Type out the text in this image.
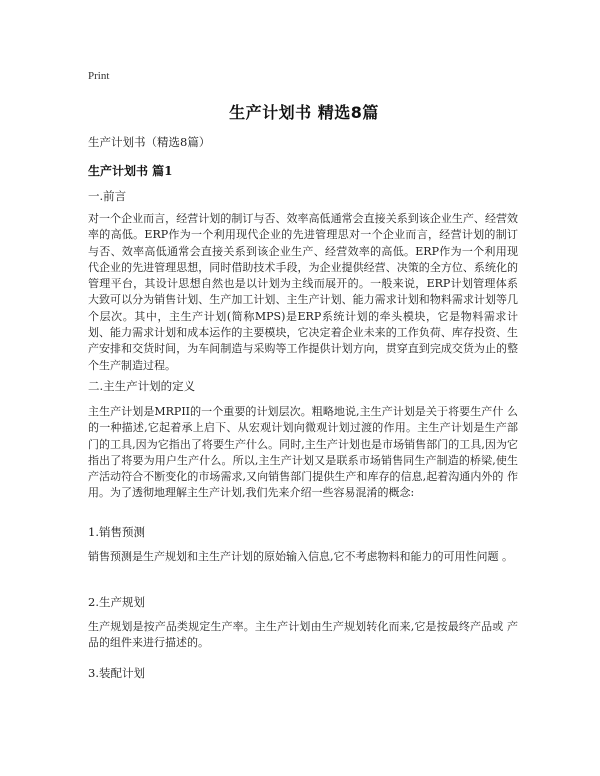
Print
生产计划书 精选8篇
生产计划书（精选8篇）
生产计划书 篇1
一.前言
对一个企业而言，经营计划的制订与否、效率高低通常会直接关系到该企业生产、经营效率的高低。ERP作为一个利用现代企业的先进管理思对一个企业而言，经营计划的制订与否、效率高低通常会直接关系到该企业生产、经营效率的高低。ERP作为一个利用现代企业的先进管理思想，同时借助技术手段，为企业提供经营、决策的全方位、系统化的管理平台，其设计思想自然也是以计划为主线而展开的。一般来说，ERP计划管理体系大致可以分为销售计划、生产加工计划、主生产计划、能力需求计划和物料需求计划等几个层次。其中，主生产计划(简称MPS)是ERP系统计划的牵头模块，它是物料需求计划、能力需求计划和成本运作的主要模块，它决定着企业未来的工作负荷、库存投资、生产安排和交货时间，为车间制造与采购等工作提供计划方向，贯穿直到完成交货为止的整个生产制造过程。
二.主生产计划的定义
主生产计划是MRPII的一个重要的计划层次。粗略地说,主生产计划是关于将要生产什 么的一种描述,它起着承上启下、从宏观计划向微观计划过渡的作用。主生产计划是生产部门的工具,因为它指出了将要生产什么。同时,主生产计划也是市场销售部门的工具,因为它指出了将要为用户生产什么。所以,主生产计划又是联系市场销售同生产制造的桥梁,使生产活动符合不断变化的市场需求,又向销售部门提供生产和库存的信息,起着沟通内外的 作用。为了透彻地理解主生产计划,我们先来介绍一些容易混淆的概念:
1.销售预测
销售预测是生产规划和主生产计划的原始输入信息,它不考虑物料和能力的可用性问题 。
2.生产规划
生产规划是按产品类规定生产率。主生产计划由生产规划转化而来,它是按最终产品或 产品的组件来进行描述的。
3.装配计划
